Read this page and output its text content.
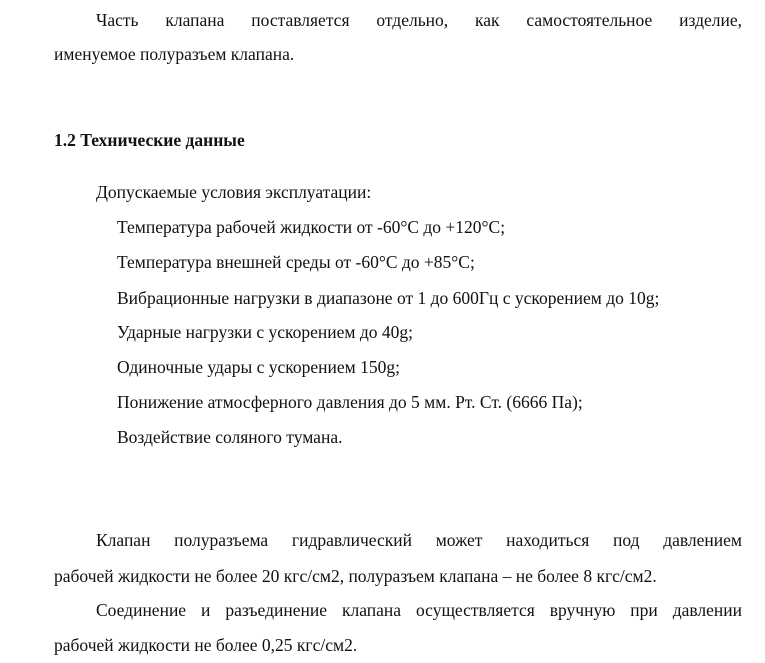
Часть клапана поставляется отдельно, как самостоятельное изделие,
именуемое полуразъем клапана.
1.2 Технические данные
Допускаемые условия эксплуатации:
Температура рабочей жидкости от -60°С до +120°С;
Температура внешней среды от -60°С до +85°С;
Вибрационные нагрузки в диапазоне от 1 до 600Гц с ускорением до 10g;
Ударные нагрузки с ускорением до 40g;
Одиночные удары с ускорением 150g;
Понижение атмосферного давления до 5 мм. Рт. Ст. (6666 Па);
Воздействие соляного тумана.
Клапан полуразъема гидравлический может находиться под давлением
рабочей жидкости не более 20 кгс/см2, полуразъем клапана – не более 8 кгс/см2.
Соединение и разъединение клапана осуществляется вручную при давлении
рабочей жидкости не более 0,25 кгс/см2.
